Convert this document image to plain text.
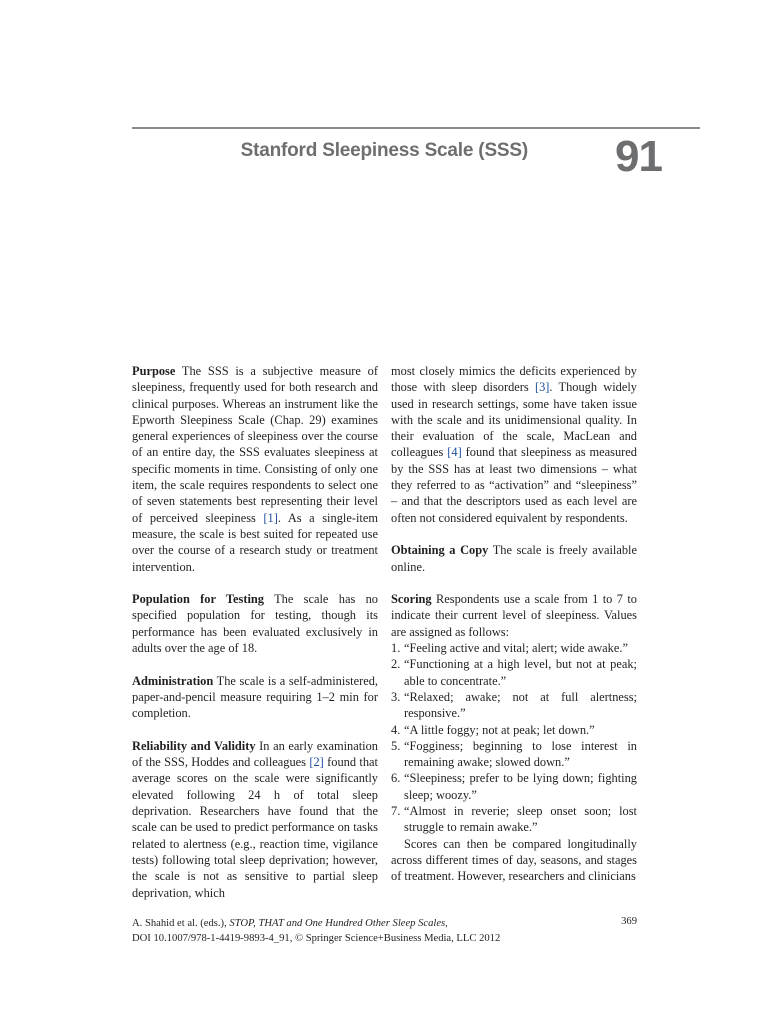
Stanford Sleepiness Scale (SSS)	91

Purpose The SSS is a subjective measure of sleepiness, frequently used for both research and clinical purposes. Whereas an instrument like the Epworth Sleepiness Scale (Chap. 29) examines general experiences of sleepiness over the course of an entire day, the SSS evaluates sleepiness at specific moments in time. Consisting of only one item, the scale requires respondents to select one of seven statements best representing their level of perceived sleepiness [1]. As a single-item measure, the scale is best suited for repeated use over the course of a research study or treatment intervention.

Population for Testing The scale has no specified population for testing, though its performance has been evaluated exclusively in adults over the age of 18.

Administration The scale is a self-administered, paper-and-pencil measure requiring 1–2 min for completion.

Reliability and Validity In an early examination of the SSS, Hoddes and colleagues [2] found that average scores on the scale were significantly elevated following 24 h of total sleep deprivation. Researchers have found that the scale can be used to predict performance on tasks related to alertness (e.g., reaction time, vigilance tests) following total sleep deprivation; however, the scale is not as sensitive to partial sleep deprivation, which

most closely mimics the deficits experienced by those with sleep disorders [3]. Though widely used in research settings, some have taken issue with the scale and its unidimensional quality. In their evaluation of the scale, MacLean and colleagues [4] found that sleepiness as measured by the SSS has at least two dimensions – what they referred to as “activation” and “sleepiness” – and that the descriptors used as each level are often not considered equivalent by respondents.

Obtaining a Copy The scale is freely available online.

Scoring Respondents use a scale from 1 to 7 to indicate their current level of sleepiness. Values are assigned as follows:

1. “Feeling active and vital; alert; wide awake.”
2. “Functioning at a high level, but not at peak; able to concentrate.”
3. “Relaxed; awake; not at full alertness; responsive.”
4. “A little foggy; not at peak; let down.”
5. “Fogginess; beginning to lose interest in remaining awake; slowed down.”
6. “Sleepiness; prefer to be lying down; fighting sleep; woozy.”
7. “Almost in reverie; sleep onset soon; lost struggle to remain awake.”

Scores can then be compared longitudinally across different times of day, seasons, and stages of treatment. However, researchers and clinicians

A. Shahid et al. (eds.), STOP, THAT and One Hundred Other Sleep Scales,
DOI 10.1007/978-1-4419-9893-4_91, © Springer Science+Business Media, LLC 2012
369
